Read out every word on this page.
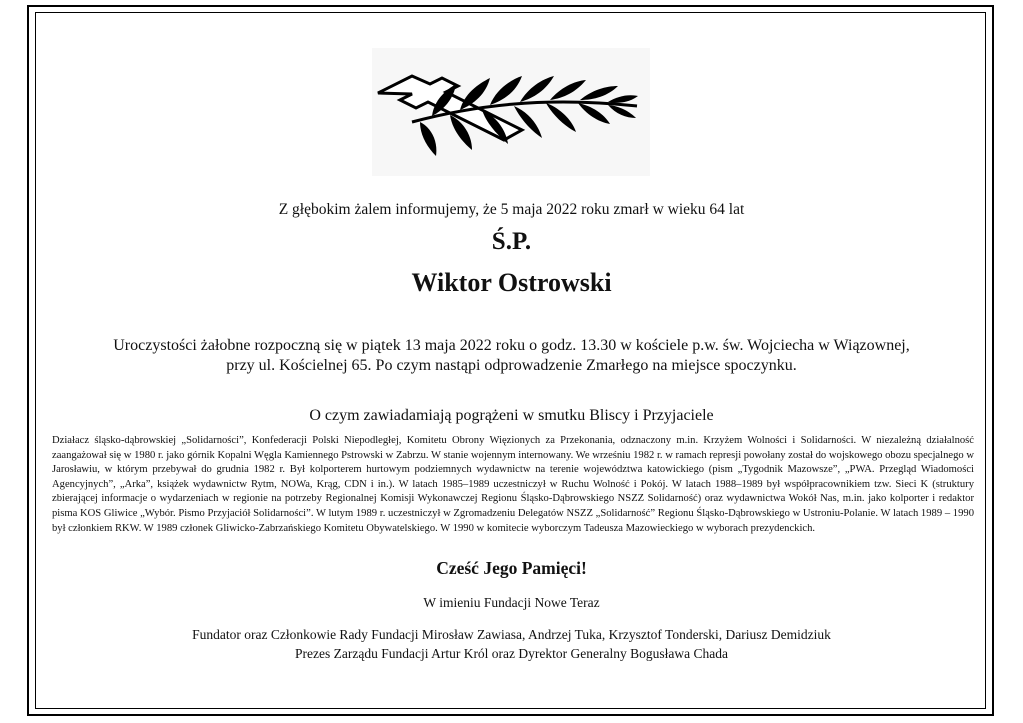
Z głębokim żalem informujemy, że 5 maja 2022 roku zmarł w wieku 64 lat
Ś.P.
Wiktor Ostrowski
Uroczystości żałobne rozpoczną się w piątek 13 maja 2022 roku o godz. 13.30 w kościele p.w. św. Wojciecha w Wiązownej,
przy ul. Kościelnej 65. Po czym nastąpi odprowadzenie Zmarłego na miejsce spoczynku.
O czym zawiadamiają pogrążeni w smutku Bliscy i Przyjaciele

Działacz śląsko-dąbrowskiej „Solidarności”, Konfederacji Polski Niepodległej, Komitetu Obrony Więzionych za Przekonania, odznaczony m.in. Krzyżem Wolności i Solidarności. W niezależną działalność zaangażował się w 1980 r. jako górnik Kopalni Węgla Kamiennego Pstrowski w Zabrzu. W stanie wojennym internowany. We wrześniu 1982 r. w ramach represji powołany został do wojskowego obozu specjalnego w Jarosławiu, w którym przebywał do grudnia 1982 r. Był kolporterem hurtowym podziemnych wydawnictw na terenie województwa katowickiego (pism „Tygodnik Mazowsze”, „PWA. Przegląd Wiadomości Agencyjnych”, „Arka”, książek wydawnictw Rytm, NOWa, Krąg, CDN i in.). W latach 1985–1989 uczestniczył w Ruchu Wolność i Pokój. W latach 1988–1989 był współpracownikiem tzw. Sieci K (struktury zbierającej informacje o wydarzeniach w regionie na potrzeby Regionalnej Komisji Wykonawczej Regionu Śląsko-Dąbrowskiego NSZZ Solidarność) oraz wydawnictwa Wokół Nas, m.in. jako kolporter i redaktor pisma KOS Gliwice „Wybór. Pismo Przyjaciół Solidarności”. W lutym 1989 r. uczestniczył w Zgromadzeniu Delegatów NSZZ „Solidarność” Regionu Śląsko-Dąbrowskiego w Ustroniu-Polanie. W latach 1989 – 1990 był członkiem RKW. W 1989 członek Gliwicko-Zabrzańskiego Komitetu Obywatelskiego. W 1990 w komitecie wyborczym Tadeusza Mazowieckiego w wyborach prezydenckich.

Cześć Jego Pamięci!
W imieniu Fundacji Nowe Teraz
Fundator oraz Członkowie Rady Fundacji Mirosław Zawiasa, Andrzej Tuka, Krzysztof Tonderski, Dariusz Demidziuk
Prezes Zarządu Fundacji Artur Król oraz Dyrektor Generalny Bogusława Chada
